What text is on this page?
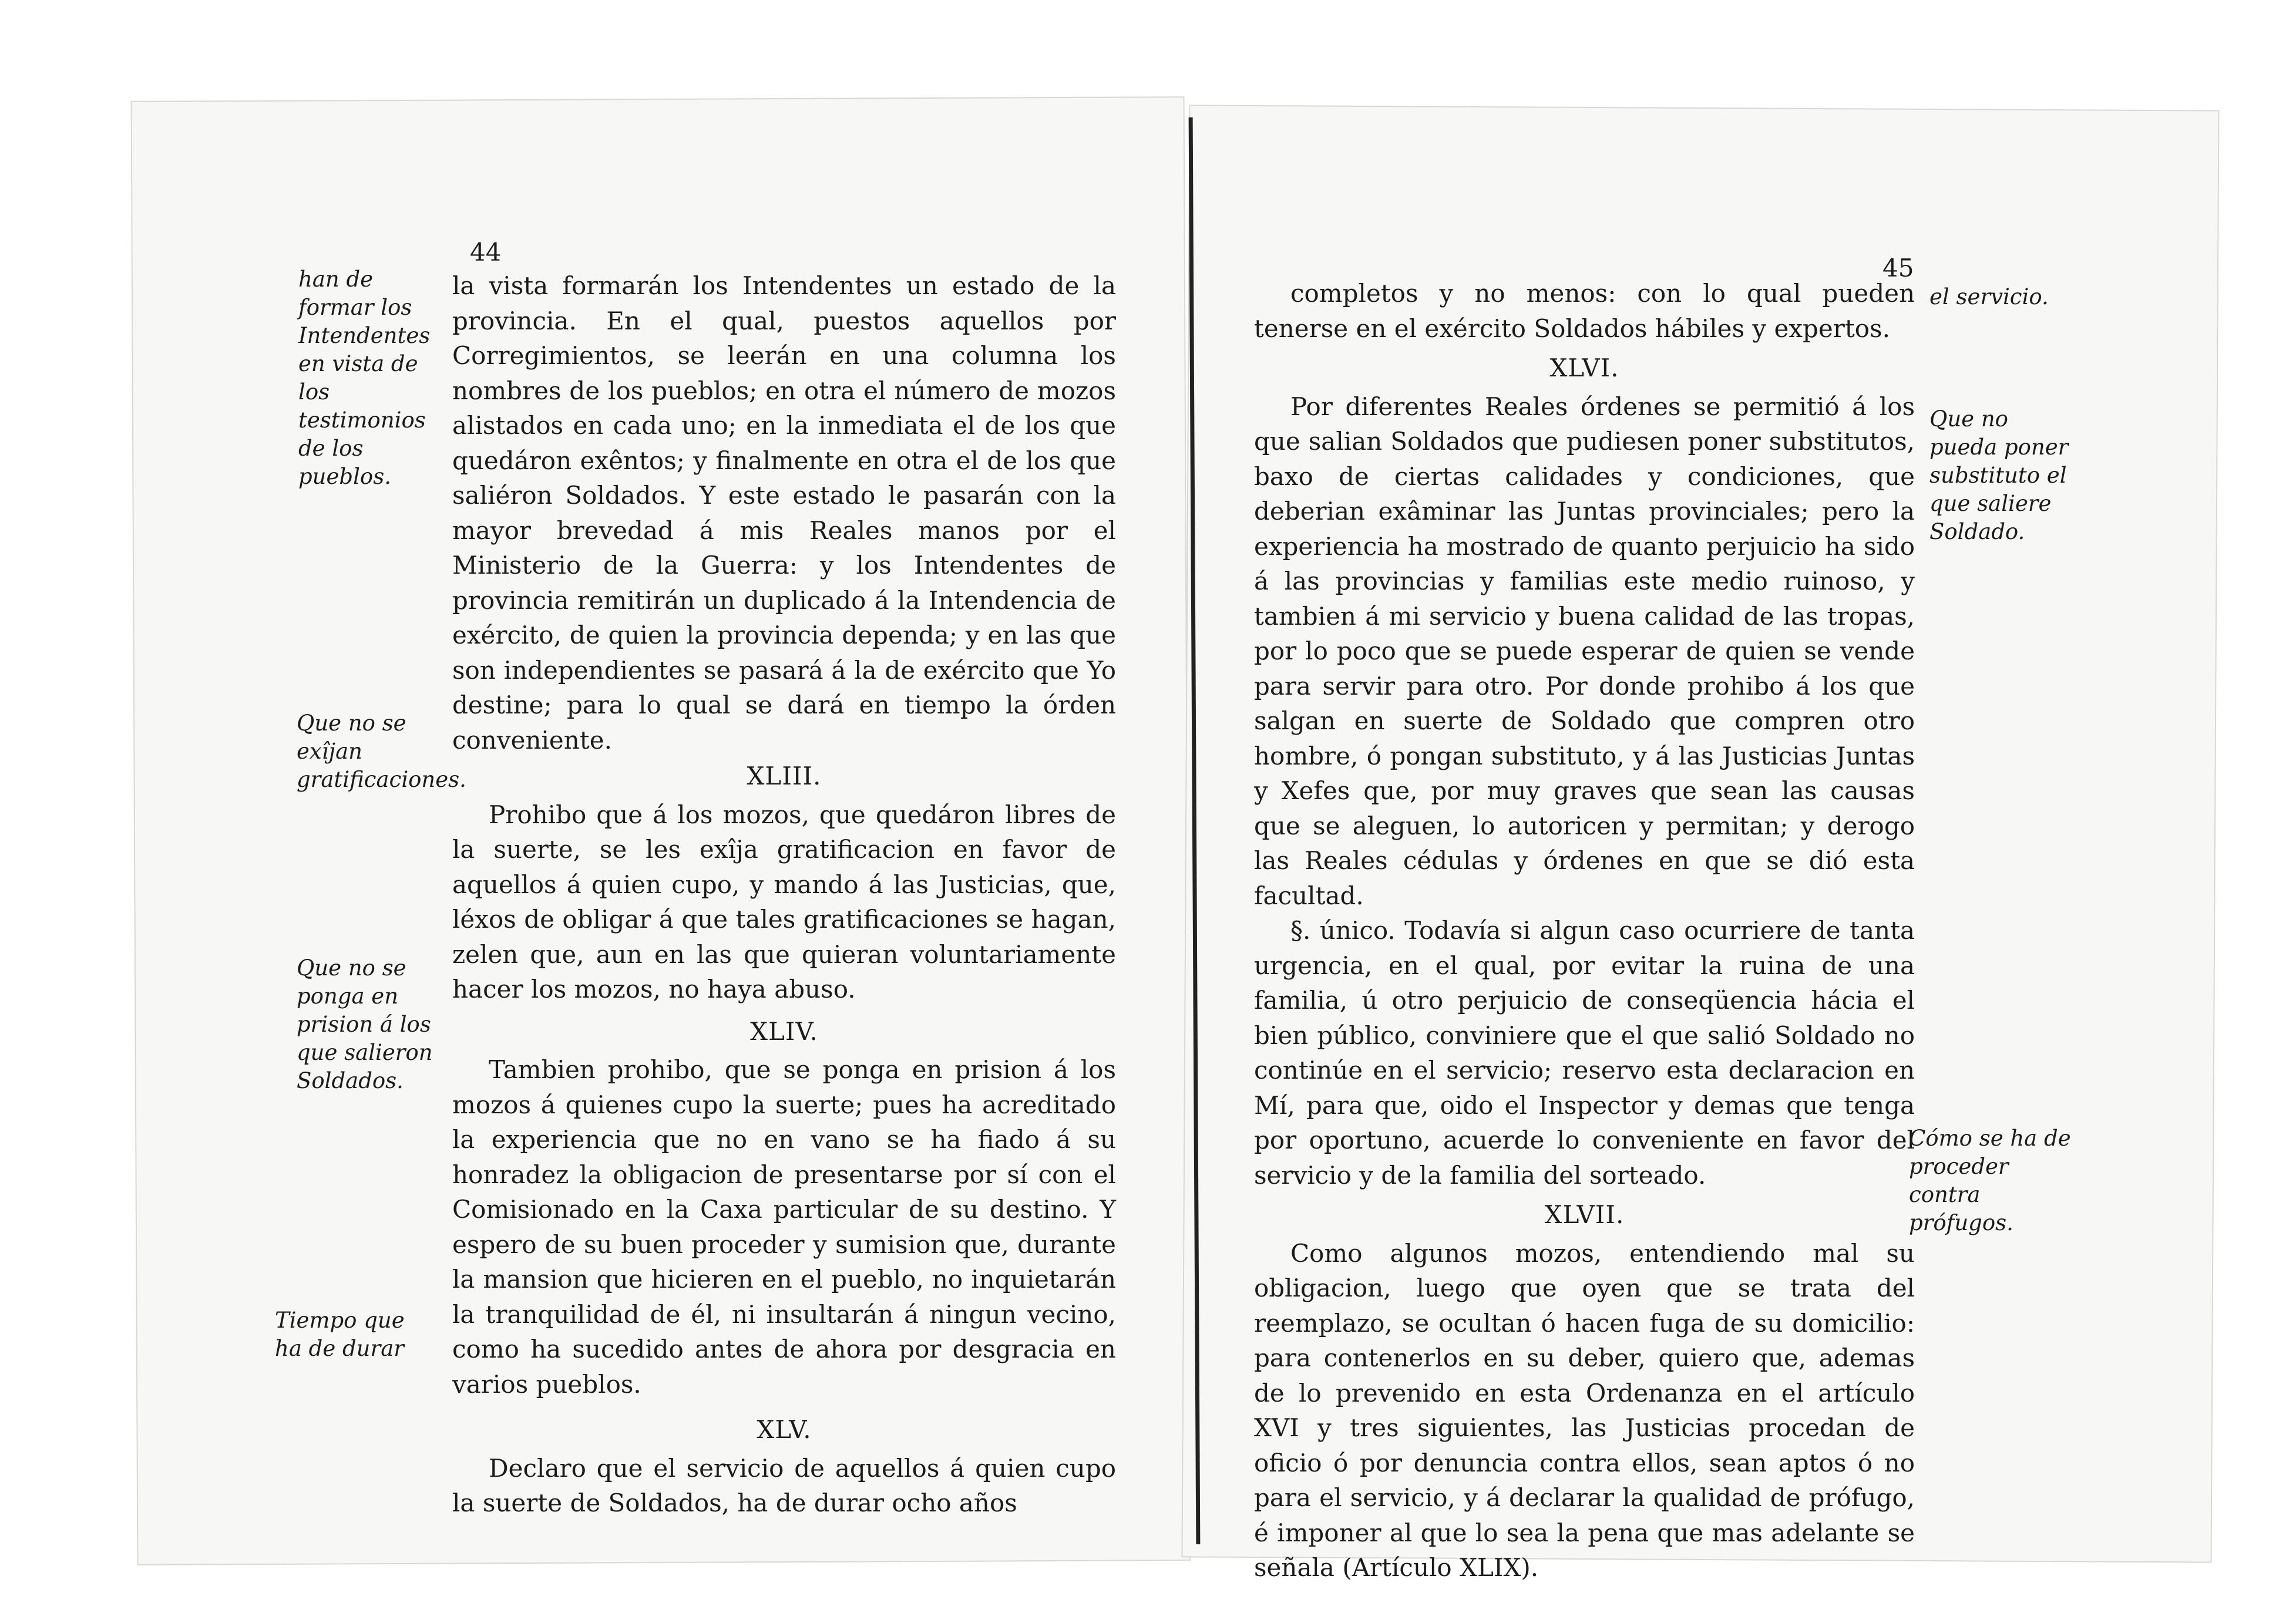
44
han de formar los Intendentes en vista de los testimonios de los pueblos.
Que no se exîjan gratificaciones.
Que no se ponga en prision á los que salieron Soldados.
Tiempo que ha de durar

la vista formarán los Intendentes un estado de la provincia. En el qual, puestos aquellos por Corregimientos, se leerán en una columna los nombres de los pueblos; en otra el número de mozos alistados en cada uno; en la inmediata el de los que quedáron exêntos; y finalmente en otra el de los que saliéron Soldados. Y este estado le pasarán con la mayor brevedad á mis Reales manos por el Ministerio de la Guerra: y los Intendentes de provincia remitirán un duplicado á la Intendencia de exército, de quien la provincia dependa; y en las que son independientes se pasará á la de exército que Yo destine; para lo qual se dará en tiempo la órden conveniente.

XLIII.

Prohibo que á los mozos, que quedáron libres de la suerte, se les exîja gratificacion en favor de aquellos á quien cupo, y mando á las Justicias, que, léxos de obligar á que tales gratificaciones se hagan, zelen que, aun en las que quieran voluntariamente hacer los mozos, no haya abuso.

XLIV.

Tambien prohibo, que se ponga en prision á los mozos á quienes cupo la suerte; pues ha acreditado la experiencia que no en vano se ha fiado á su honradez la obligacion de presentarse por sí con el Comisionado en la Caxa particular de su destino. Y espero de su buen proceder y sumision que, durante la mansion que hicieren en el pueblo, no inquietarán la tranquilidad de él, ni insultarán á ningun vecino, como ha sucedido antes de ahora por desgracia en varios pueblos.

XLV.

Declaro que el servicio de aquellos á quien cupo la suerte de Soldados, ha de durar ocho años

45
el servicio.
Que no pueda poner substituto el que saliere Soldado.
Cómo se ha de proceder contra prófugos.

completos y no menos: con lo qual pueden tenerse en el exército Soldados hábiles y expertos.

XLVI.

Por diferentes Reales órdenes se permitió á los que salian Soldados que pudiesen poner substitutos, baxo de ciertas calidades y condiciones, que deberian exâminar las Juntas provinciales; pero la experiencia ha mostrado de quanto perjuicio ha sido á las provincias y familias este medio ruinoso, y tambien á mi servicio y buena calidad de las tropas, por lo poco que se puede esperar de quien se vende para servir para otro. Por donde prohibo á los que salgan en suerte de Soldado que compren otro hombre, ó pongan substituto, y á las Justicias Juntas y Xefes que, por muy graves que sean las causas que se aleguen, lo autoricen y permitan; y derogo las Reales cédulas y órdenes en que se dió esta facultad.

§. único. Todavía si algun caso ocurriere de tanta urgencia, en el qual, por evitar la ruina de una familia, ú otro perjuicio de conseqüencia hácia el bien público, conviniere que el que salió Soldado no continúe en el servicio; reservo esta declaracion en Mí, para que, oido el Inspector y demas que tenga por oportuno, acuerde lo conveniente en favor del servicio y de la familia del sorteado.

XLVII.

Como algunos mozos, entendiendo mal su obligacion, luego que oyen que se trata del reemplazo, se ocultan ó hacen fuga de su domicilio: para contenerlos en su deber, quiero que, ademas de lo prevenido en esta Ordenanza en el artículo XVI y tres siguientes, las Justicias procedan de oficio ó por denuncia contra ellos, sean aptos ó no para el servicio, y á declarar la qualidad de prófugo, é imponer al que lo sea la pena que mas adelante se señala (Artículo XLIX).
